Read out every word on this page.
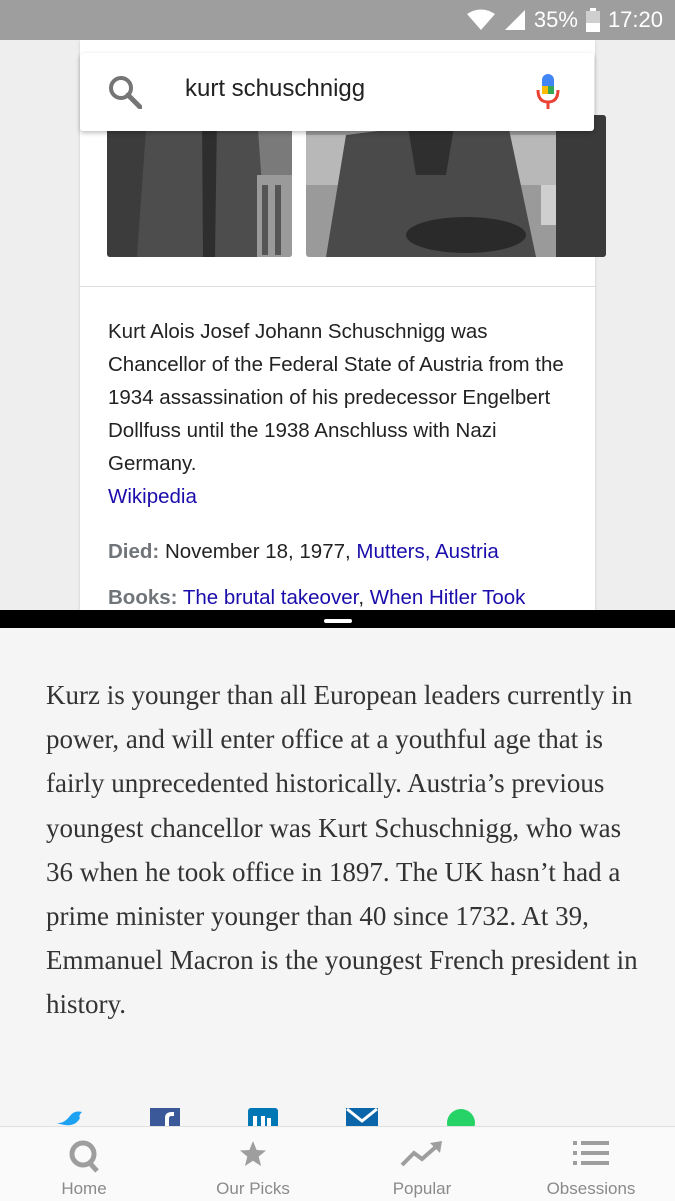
35% 17:20
Kurt Alois Josef Johann Schuschnigg was Chancellor of the Federal State of Austria from the 1934 assassination of his predecessor Engelbert Dollfuss until the 1938 Anschluss with Nazi Germany.
Wikipedia
Died: November 18, 1977, Mutters, Austria
Books: The brutal takeover, When Hitler Took
kurt schuschnigg
Kurz is younger than all European leaders currently in power, and will enter office at a youthful age that is fairly unprecedented historically. Austria’s previous youngest chancellor was Kurt Schuschnigg, who was 36 when he took office in 1897. The UK hasn’t had a prime minister younger than 40 since 1732. At 39, Emmanuel Macron is the youngest French president in history.
Home	Our Picks	Popular	Obsessions
